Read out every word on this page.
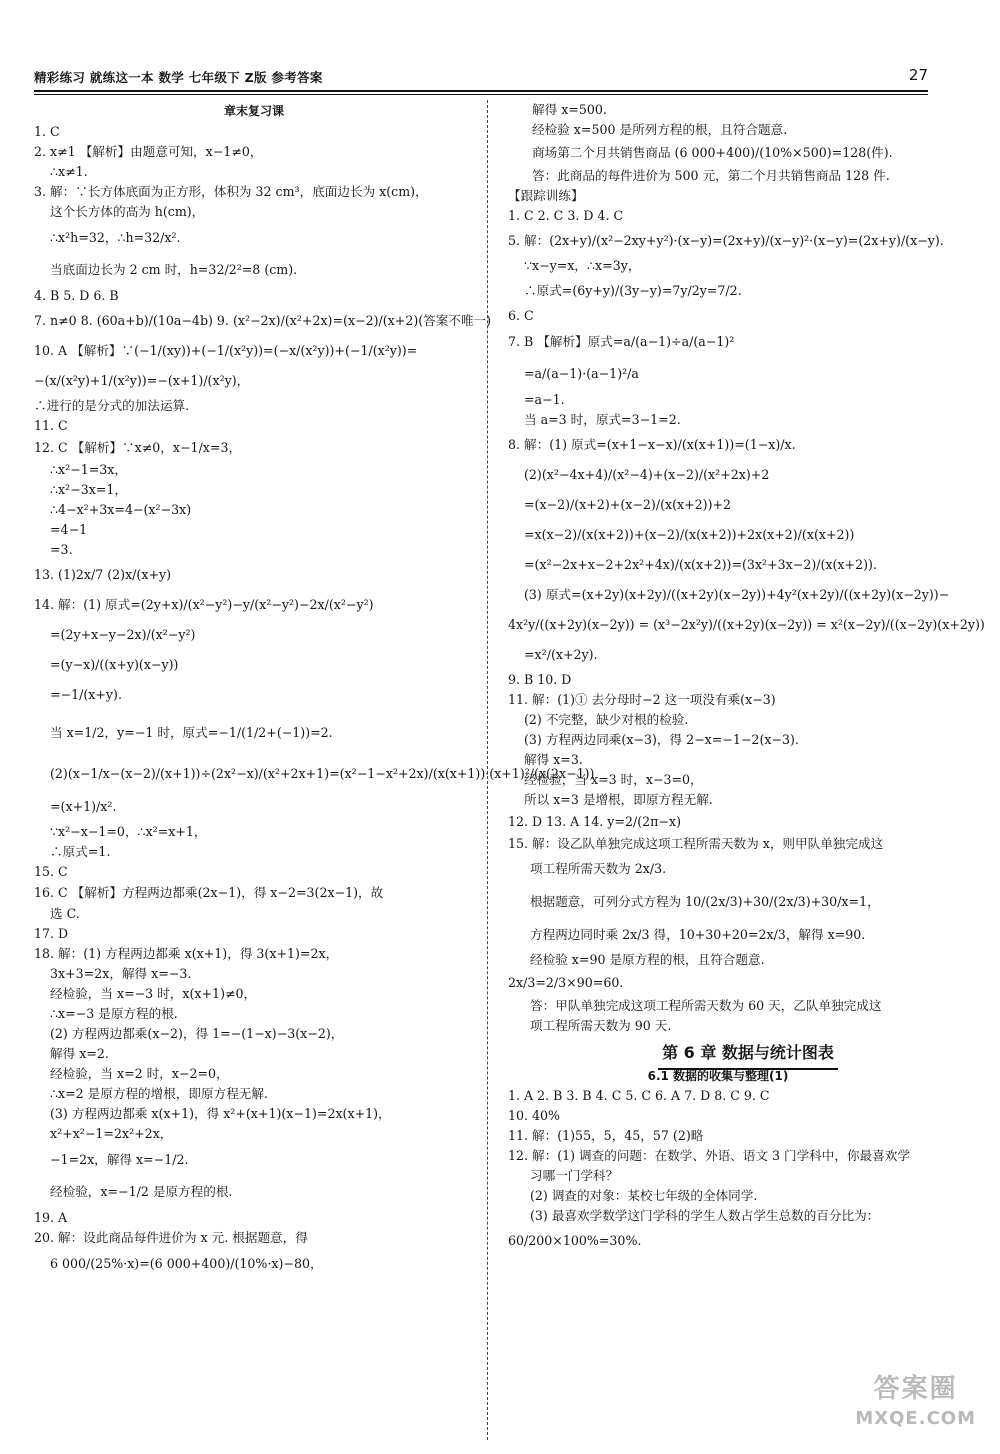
精彩练习 就练这一本 数学 七年级下 Z版 参考答案	27
章末复习课
1. C
2. x≠1 【解析】由题意可知，x−1≠0，
∴x≠1.
3. 解：∵长方体底面为正方形，体积为 32 cm³，底面边长为 x(cm)，
这个长方体的高为 h(cm)，
∴x²h=32，∴h=32/x².
当底面边长为 2 cm 时，h=32/2²=8 (cm).
4. B 5. D 6. B
7. n≠0 8. (60a+b)/(10a−4b) 9. (x²−2x)/(x²+2x)=(x−2)/(x+2)(答案不唯一)
10. A 【解析】∵(−1/(xy))+(−1/(x²y))=(−x/(x²y))+(−1/(x²y))=
−(x/(x²y)+1/(x²y))=−(x+1)/(x²y)，
∴进行的是分式的加法运算.
11. C
12. C 【解析】∵x≠0，x−1/x=3，
∴x²−1=3x，
∴x²−3x=1，
∴4−x²+3x=4−(x²−3x)
=4−1
=3.
13. (1)2x/7 (2)x/(x+y)
14. 解：(1) 原式=(2y+x)/(x²−y²)−y/(x²−y²)−2x/(x²−y²)
=(2y+x−y−2x)/(x²−y²)
=(y−x)/((x+y)(x−y))
=−1/(x+y).
当 x=1/2，y=−1 时，原式=−1/(1/2+(−1))=2.
(2)(x−1/x−(x−2)/(x+1))÷(2x²−x)/(x²+2x+1)=(x²−1−x²+2x)/(x(x+1))·(x+1)²/(x(2x−1))
=(x+1)/x².
∵x²−x−1=0，∴x²=x+1，
∴原式=1.
15. C
16. C 【解析】方程两边都乘(2x−1)，得 x−2=3(2x−1)，故
选 C.
17. D
18. 解：(1) 方程两边都乘 x(x+1)，得 3(x+1)=2x，
3x+3=2x，解得 x=−3.
经检验，当 x=−3 时，x(x+1)≠0，
∴x=−3 是原方程的根.
(2) 方程两边都乘(x−2)，得 1=−(1−x)−3(x−2)，
解得 x=2.
经检验，当 x=2 时，x−2=0，
∴x=2 是原方程的增根，即原方程无解.
(3) 方程两边都乘 x(x+1)，得 x²+(x+1)(x−1)=2x(x+1)，
x²+x²−1=2x²+2x，
−1=2x，解得 x=−1/2.
经检验，x=−1/2 是原方程的根.
19. A
20. 解：设此商品每件进价为 x 元. 根据题意，得
6 000/(25%·x)=(6 000+400)/(10%·x)−80，
解得 x=500.
经检验 x=500 是所列方程的根，且符合题意.
商场第二个月共销售商品 (6 000+400)/(10%×500)=128(件).
答：此商品的每件进价为 500 元，第二个月共销售商品 128 件.
【跟踪训练】
1. C 2. C 3. D 4. C
5. 解：(2x+y)/(x²−2xy+y²)·(x−y)=(2x+y)/(x−y)²·(x−y)=(2x+y)/(x−y).
∵x−y=x，∴x=3y，
∴原式=(6y+y)/(3y−y)=7y/2y=7/2.
6. C
7. B 【解析】原式=a/(a−1)÷a/(a−1)²
=a/(a−1)·(a−1)²/a
=a−1.
当 a=3 时，原式=3−1=2.
8. 解：(1) 原式=(x+1−x−x)/(x(x+1))=(1−x)/x.
(2)(x²−4x+4)/(x²−4)+(x−2)/(x²+2x)+2
=(x−2)/(x+2)+(x−2)/(x(x+2))+2
=x(x−2)/(x(x+2))+(x−2)/(x(x+2))+2x(x+2)/(x(x+2))
=(x²−2x+x−2+2x²+4x)/(x(x+2))=(3x²+3x−2)/(x(x+2)).
(3) 原式=(x+2y)(x+2y)/((x+2y)(x−2y))+4y²(x+2y)/((x+2y)(x−2y))−
4x²y/((x+2y)(x−2y)) = (x³−2x²y)/((x+2y)(x−2y)) = x²(x−2y)/((x−2y)(x+2y))
=x²/(x+2y).
9. B 10. D
11. 解：(1)① 去分母时−2 这一项没有乘(x−3)
(2) 不完整，缺少对根的检验.
(3) 方程两边同乘(x−3)，得 2−x=−1−2(x−3).
解得 x=3.
经检验，当 x=3 时，x−3=0，
所以 x=3 是增根，即原方程无解.
12. D 13. A 14. y=2/(2π−x)
15. 解：设乙队单独完成这项工程所需天数为 x，则甲队单独完成这
项工程所需天数为 2x/3.
根据题意，可列分式方程为 10/(2x/3)+30/(2x/3)+30/x=1，
方程两边同时乘 2x/3 得，10+30+20=2x/3，解得 x=90.
经检验 x=90 是原方程的根，且符合题意.
2x/3=2/3×90=60.
答：甲队单独完成这项工程所需天数为 60 天，乙队单独完成这
项工程所需天数为 90 天.
第 6 章 数据与统计图表
6.1 数据的收集与整理(1)
1. A 2. B 3. B 4. C 5. C 6. A 7. D 8. C 9. C
10. 40%
11. 解：(1)55，5，45，57 (2)略
12. 解：(1) 调查的问题：在数学、外语、语文 3 门学科中，你最喜欢学
习哪一门学科？
(2) 调查的对象：某校七年级的全体同学.
(3) 最喜欢学数学这门学科的学生人数占学生总数的百分比为：
60/200×100%=30%.
答案圈
MXQE.COM
